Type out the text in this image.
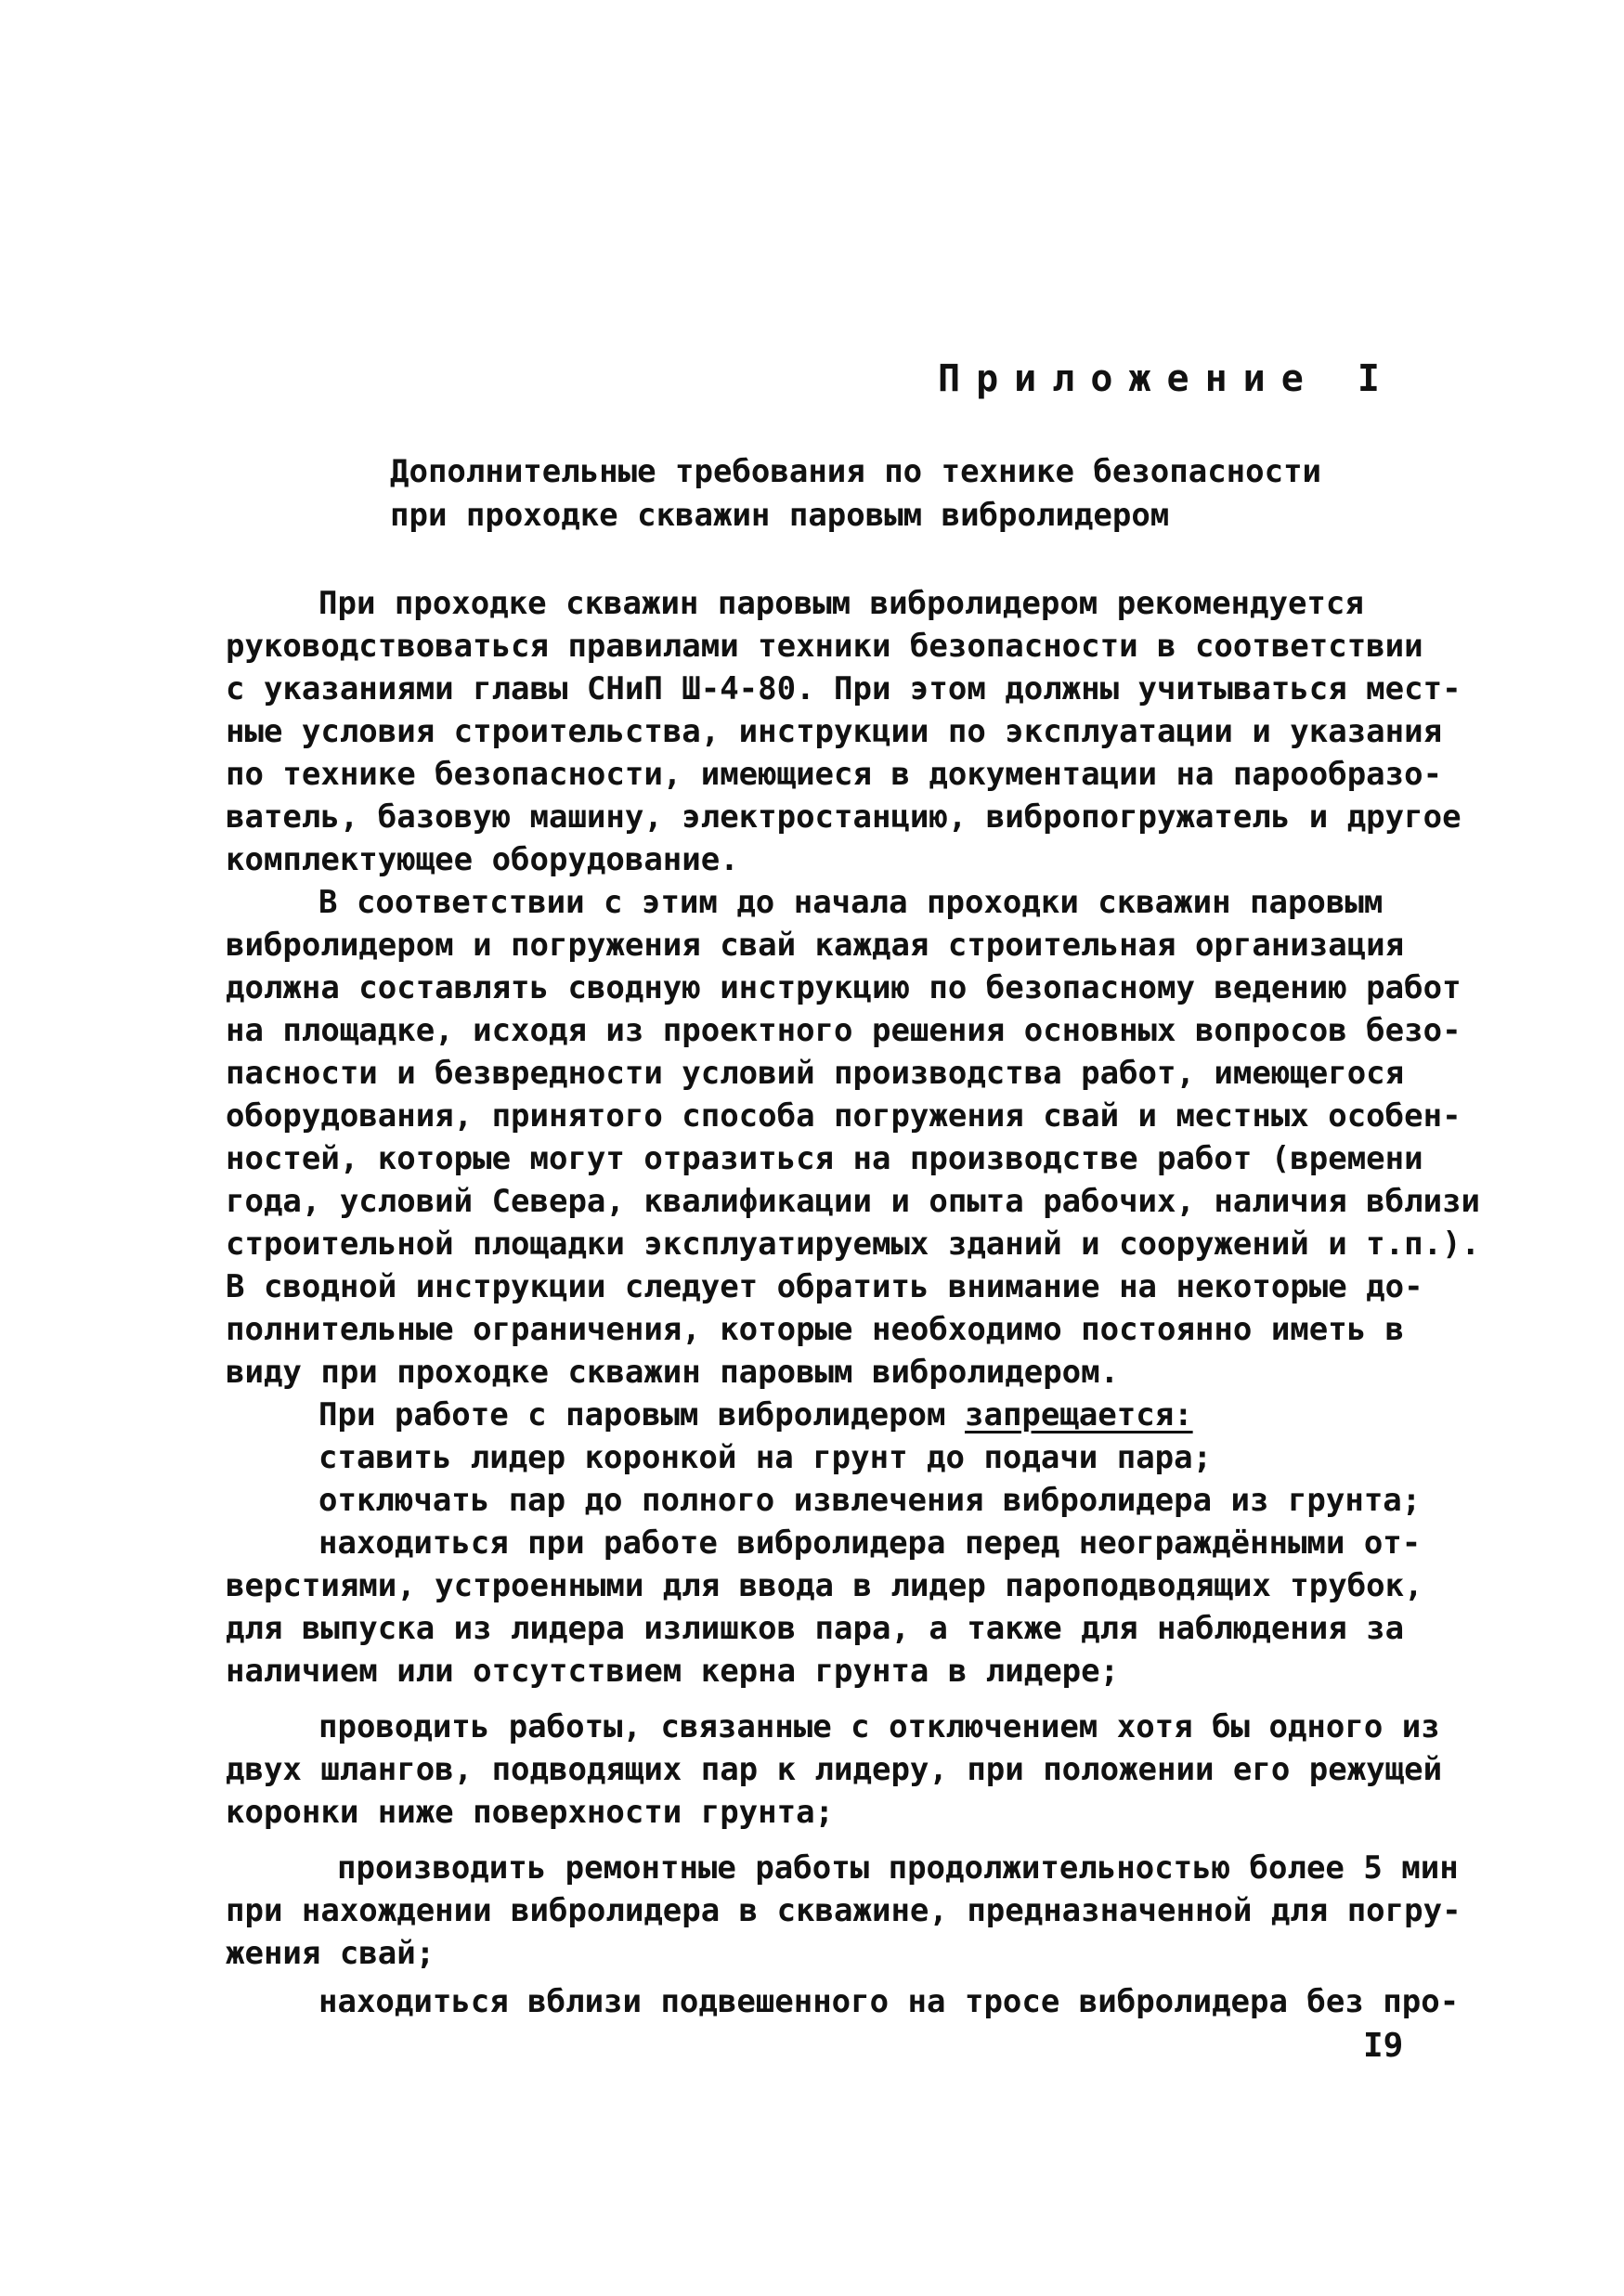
Приложение I
Дополнительные требования по технике безопасности
при проходке скважин паровым вибролидером
При проходке скважин паровым вибролидером рекомендуется
руководствоваться правилами техники безопасности в соответствии
с указаниями главы СНиП Ш-4-80. При этом должны учитываться мест-
ные условия строительства, инструкции по эксплуатации и указания
по технике безопасности, имеющиеся в документации на парообразо-
ватель, базовую машину, электростанцию, вибропогружатель и другое
комплектующее оборудование.
В соответствии с этим до начала проходки скважин паровым
вибролидером и погружения свай каждая строительная организация
должна составлять сводную инструкцию по безопасному ведению работ
на площадке, исходя из проектного решения основных вопросов безо-
пасности и безвредности условий производства работ, имеющегося
оборудования, принятого способа погружения свай и местных особен-
ностей, которые могут отразиться на производстве работ (времени
года, условий Севера, квалификации и опыта рабочих, наличия вблизи
строительной площадки эксплуатируемых зданий и сооружений и т.п.).
В сводной инструкции следует обратить внимание на некоторые до-
полнительные ограничения, которые необходимо постоянно иметь в
виду при проходке скважин паровым вибролидером.
При работе с паровым вибролидером запрещается:
ставить лидер коронкой на грунт до подачи пара;
отключать пар до полного извлечения вибролидера из грунта;
находиться при работе вибролидера перед неограждёнными от-
верстиями, устроенными для ввода в лидер пароподводящих трубок,
для выпуска из лидера излишков пара, а также для наблюдения за
наличием или отсутствием керна грунта в лидере;
проводить работы, связанные с отключением хотя бы одного из
двух шлангов, подводящих пар к лидеру, при положении его режущей
коронки ниже поверхности грунта;
производить ремонтные работы продолжительностью более 5 мин
при нахождении вибролидера в скважине, предназначенной для погру-
жения свай;
находиться вблизи подвешенного на тросе вибролидера без про-
I9
